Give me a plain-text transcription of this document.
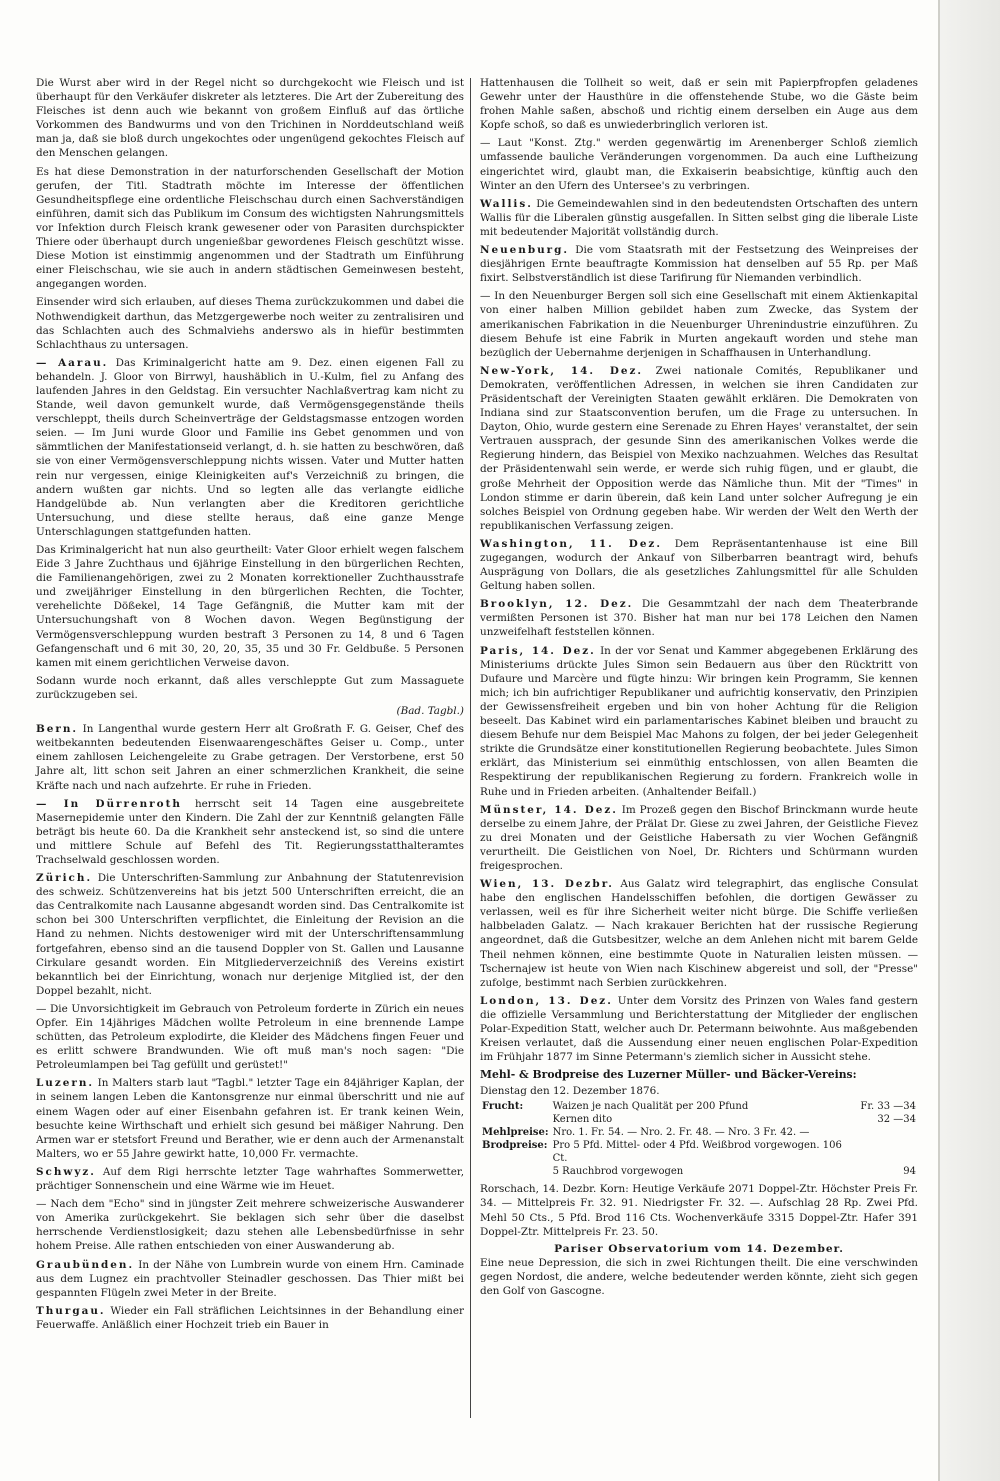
Die Wurst aber wird in der Regel nicht so durchgekocht wie Fleisch und ist überhaupt für den Verkäufer diskreter als letzteres. Die Art der Zubereitung des Fleisches ist denn auch wie bekannt von großem Einfluß auf das örtliche Vorkommen des Bandwurms und von den Trichinen in Norddeutschland weiß man ja, daß sie bloß durch ungekochtes oder ungenügend gekochtes Fleisch auf den Menschen gelangen.

Es hat diese Demonstration in der naturforschenden Gesellschaft der Motion gerufen, der Titl. Stadtrath möchte im Interesse der öffentlichen Gesundheitspflege eine ordentliche Fleischschau durch einen Sachverständigen einführen, damit sich das Publikum im Consum des wichtigsten Nahrungsmittels vor Infektion durch Fleisch krank gewesener oder von Parasiten durchspickter Thiere oder überhaupt durch ungenießbar gewordenes Fleisch geschützt wisse. Diese Motion ist einstimmig angenommen und der Stadtrath um Einführung einer Fleischschau, wie sie auch in andern städtischen Gemeinwesen besteht, angegangen worden.

Einsender wird sich erlauben, auf dieses Thema zurückzukommen und dabei die Nothwendigkeit darthun, das Metzgergewerbe noch weiter zu zentralisiren und das Schlachten auch des Schmalviehs anderswo als in hiefür bestimmten Schlachthaus zu untersagen.

— Aarau. Das Kriminalgericht hatte am 9. Dez. einen eigenen Fall zu behandeln. J. Gloor von Birrwyl, haushäblich in U.-Kulm, fiel zu Anfang des laufenden Jahres in den Geldstag. Ein versuchter Nachlaßvertrag kam nicht zu Stande, weil davon gemunkelt wurde, daß Vermögensgegenstände theils verschleppt, theils durch Scheinverträge der Geldstagsmasse entzogen worden seien. — Im Juni wurde Gloor und Familie ins Gebet genommen und von sämmtlichen der Manifestationseid verlangt, d. h. sie hatten zu beschwören, daß sie von einer Vermögensverschleppung nichts wissen. Vater und Mutter hatten rein nur vergessen, einige Kleinigkeiten auf's Verzeichniß zu bringen, die andern wußten gar nichts. Und so legten alle das verlangte eidliche Handgelübde ab. Nun verlangten aber die Kreditoren gerichtliche Untersuchung, und diese stellte heraus, daß eine ganze Menge Unterschlagungen stattgefunden hatten.

Das Kriminalgericht hat nun also geurtheilt: Vater Gloor erhielt wegen falschem Eide 3 Jahre Zuchthaus und 6jährige Einstellung in den bürgerlichen Rechten, die Familienangehörigen, zwei zu 2 Monaten korrektioneller Zuchthausstrafe und zweijähriger Einstellung in den bürgerlichen Rechten, die Tochter, verehelichte Dößekel, 14 Tage Gefängniß, die Mutter kam mit der Untersuchungshaft von 8 Wochen davon. Wegen Begünstigung der Vermögensverschleppung wurden bestraft 3 Personen zu 14, 8 und 6 Tagen Gefangenschaft und 6 mit 30, 20, 20, 35, 35 und 30 Fr. Geldbuße. 5 Personen kamen mit einem gerichtlichen Verweise davon.

Sodann wurde noch erkannt, daß alles verschleppte Gut zum Massaguete zurückzugeben sei.

(Bad. Tagbl.)

Bern. In Langenthal wurde gestern Herr alt Großrath F. G. Geiser, Chef des weitbekannten bedeutenden Eisenwaarengeschäftes Geiser u. Comp., unter einem zahllosen Leichengeleite zu Grabe getragen. Der Verstorbene, erst 50 Jahre alt, litt schon seit Jahren an einer schmerzlichen Krankheit, die seine Kräfte nach und nach aufzehrte. Er ruhe in Frieden.

— In Dürrenroth herrscht seit 14 Tagen eine ausgebreitete Masernepidemie unter den Kindern. Die Zahl der zur Kenntniß gelangten Fälle beträgt bis heute 60. Da die Krankheit sehr ansteckend ist, so sind die untere und mittlere Schule auf Befehl des Tit. Regierungsstatthalteramtes Trachselwald geschlossen worden.

Zürich. Die Unterschriften-Sammlung zur Anbahnung der Statutenrevision des schweiz. Schützenvereins hat bis jetzt 500 Unterschriften erreicht, die an das Centralkomite nach Lausanne abgesandt worden sind. Das Centralkomite ist schon bei 300 Unterschriften verpflichtet, die Einleitung der Revision an die Hand zu nehmen. Nichts destoweniger wird mit der Unterschriftensammlung fortgefahren, ebenso sind an die tausend Doppler von St. Gallen und Lausanne Cirkulare gesandt worden. Ein Mitgliederverzeichniß des Vereins existirt bekanntlich bei der Einrichtung, wonach nur derjenige Mitglied ist, der den Doppel bezahlt, nicht.

— Die Unvorsichtigkeit im Gebrauch von Petroleum forderte in Zürich ein neues Opfer. Ein 14jähriges Mädchen wollte Petroleum in eine brennende Lampe schütten, das Petroleum explodirte, die Kleider des Mädchens fingen Feuer und es erlitt schwere Brandwunden. Wie oft muß man's noch sagen: "Die Petroleumlampen bei Tag gefüllt und gerüstet!"

Luzern. In Malters starb laut "Tagbl." letzter Tage ein 84jähriger Kaplan, der in seinem langen Leben die Kantonsgrenze nur einmal überschritt und nie auf einem Wagen oder auf einer Eisenbahn gefahren ist. Er trank keinen Wein, besuchte keine Wirthschaft und erhielt sich gesund bei mäßiger Nahrung. Den Armen war er stetsfort Freund und Berather, wie er denn auch der Armenanstalt Malters, wo er 55 Jahre gewirkt hatte, 10,000 Fr. vermachte.

Schwyz. Auf dem Rigi herrschte letzter Tage wahrhaftes Sommerwetter, prächtiger Sonnenschein und eine Wärme wie im Heuet.

— Nach dem "Echo" sind in jüngster Zeit mehrere schweizerische Auswanderer von Amerika zurückgekehrt. Sie beklagen sich sehr über die daselbst herrschende Verdienstlosigkeit; dazu stehen alle Lebensbedürfnisse in sehr hohem Preise. Alle rathen entschieden von einer Auswanderung ab.

Graubünden. In der Nähe von Lumbrein wurde von einem Hrn. Caminade aus dem Lugnez ein prachtvoller Steinadler geschossen. Das Thier mißt bei gespannten Flügeln zwei Meter in der Breite.

Thurgau. Wieder ein Fall sträflichen Leichtsinnes in der Behandlung einer Feuerwaffe. Anläßlich einer Hochzeit trieb ein Bauer in

Hattenhausen die Tollheit so weit, daß er sein mit Papierpfropfen geladenes Gewehr unter der Hausthüre in die offenstehende Stube, wo die Gäste beim frohen Mahle saßen, abschoß und richtig einem derselben ein Auge aus dem Kopfe schoß, so daß es unwiederbringlich verloren ist.

— Laut "Konst. Ztg." werden gegenwärtig im Arenenberger Schloß ziemlich umfassende bauliche Veränderungen vorgenommen. Da auch eine Luftheizung eingerichtet wird, glaubt man, die Exkaiserin beabsichtige, künftig auch den Winter an den Ufern des Untersee's zu verbringen.

Wallis. Die Gemeindewahlen sind in den bedeutendsten Ortschaften des untern Wallis für die Liberalen günstig ausgefallen. In Sitten selbst ging die liberale Liste mit bedeutender Majorität vollständig durch.

Neuenburg. Die vom Staatsrath mit der Festsetzung des Weinpreises der diesjährigen Ernte beauftragte Kommission hat denselben auf 55 Rp. per Maß fixirt. Selbstverständlich ist diese Tarifirung für Niemanden verbindlich.

— In den Neuenburger Bergen soll sich eine Gesellschaft mit einem Aktienkapital von einer halben Million gebildet haben zum Zwecke, das System der amerikanischen Fabrikation in die Neuenburger Uhrenindustrie einzuführen. Zu diesem Behufe ist eine Fabrik in Murten angekauft worden und stehe man bezüglich der Uebernahme derjenigen in Schaffhausen in Unterhandlung.

New-York, 14. Dez. Zwei nationale Comités, Republikaner und Demokraten, veröffentlichen Adressen, in welchen sie ihren Candidaten zur Präsidentschaft der Vereinigten Staaten gewählt erklären. Die Demokraten von Indiana sind zur Staatsconvention berufen, um die Frage zu untersuchen. In Dayton, Ohio, wurde gestern eine Serenade zu Ehren Hayes' veranstaltet, der sein Vertrauen aussprach, der gesunde Sinn des amerikanischen Volkes werde die Regierung hindern, das Beispiel von Mexiko nachzuahmen. Welches das Resultat der Präsidentenwahl sein werde, er werde sich ruhig fügen, und er glaubt, die große Mehrheit der Opposition werde das Nämliche thun. Mit der "Times" in London stimme er darin überein, daß kein Land unter solcher Aufregung je ein solches Beispiel von Ordnung gegeben habe. Wir werden der Welt den Werth der republikanischen Verfassung zeigen.

Washington, 11. Dez. Dem Repräsentantenhause ist eine Bill zugegangen, wodurch der Ankauf von Silberbarren beantragt wird, behufs Ausprägung von Dollars, die als gesetzliches Zahlungsmittel für alle Schulden Geltung haben sollen.

Brooklyn, 12. Dez. Die Gesammtzahl der nach dem Theaterbrande vermißten Personen ist 370. Bisher hat man nur bei 178 Leichen den Namen unzweifelhaft feststellen können.

Paris, 14. Dez. In der vor Senat und Kammer abgegebenen Erklärung des Ministeriums drückte Jules Simon sein Bedauern aus über den Rücktritt von Dufaure und Marcère und fügte hinzu: Wir bringen kein Programm, Sie kennen mich; ich bin aufrichtiger Republikaner und aufrichtig konservativ, den Prinzipien der Gewissensfreiheit ergeben und bin von hoher Achtung für die Religion beseelt. Das Kabinet wird ein parlamentarisches Kabinet bleiben und braucht zu diesem Behufe nur dem Beispiel Mac Mahons zu folgen, der bei jeder Gelegenheit strikte die Grundsätze einer konstitutionellen Regierung beobachtete. Jules Simon erklärt, das Ministerium sei einmüthig entschlossen, von allen Beamten die Respektirung der republikanischen Regierung zu fordern. Frankreich wolle in Ruhe und in Frieden arbeiten. (Anhaltender Beifall.)

Münster, 14. Dez. Im Prozeß gegen den Bischof Brinckmann wurde heute derselbe zu einem Jahre, der Prälat Dr. Giese zu zwei Jahren, der Geistliche Fievez zu drei Monaten und der Geistliche Habersath zu vier Wochen Gefängniß verurtheilt. Die Geistlichen von Noel, Dr. Richters und Schürmann wurden freigesprochen.

Wien, 13. Dezbr. Aus Galatz wird telegraphirt, das englische Consulat habe den englischen Handelsschiffen befohlen, die dortigen Gewässer zu verlassen, weil es für ihre Sicherheit weiter nicht bürge. Die Schiffe verließen halbbeladen Galatz. — Nach krakauer Berichten hat der russische Regierung angeordnet, daß die Gutsbesitzer, welche an dem Anlehen nicht mit barem Gelde Theil nehmen können, eine bestimmte Quote in Naturalien leisten müssen. — Tschernajew ist heute von Wien nach Kischinew abgereist und soll, der "Presse" zufolge, bestimmt nach Serbien zurückkehren.

London, 13. Dez. Unter dem Vorsitz des Prinzen von Wales fand gestern die offizielle Versammlung und Berichterstattung der Mitglieder der englischen Polar-Expedition Statt, welcher auch Dr. Petermann beiwohnte. Aus maßgebenden Kreisen verlautet, daß die Aussendung einer neuen englischen Polar-Expedition im Frühjahr 1877 im Sinne Petermann's ziemlich sicher in Aussicht stehe.

Mehl- & Brodpreise des Luzerner Müller- und Bäcker-Vereins:

Dienstag den 12. Dezember 1876.

Frucht:	Waizen je nach Qualität per 200 Pfund	Fr. 33 —34
	Kernen dito	32 —34
Mehlpreise:	Nro. 1. Fr. 54. — Nro. 2. Fr. 48. — Nro. 3 Fr. 42. —	
Brodpreise:	Pro 5 Pfd. Mittel- oder 4 Pfd. Weißbrod vorgewogen. 106 Ct.	
	5 Rauchbrod vorgewogen	94

Rorschach, 14. Dezbr. Korn: Heutige Verkäufe 2071 Doppel-Ztr. Höchster Preis Fr. 34. — Mittelpreis Fr. 32. 91. Niedrigster Fr. 32. —. Aufschlag 28 Rp. Zwei Pfd. Mehl 50 Cts., 5 Pfd. Brod 116 Cts. Wochenverkäufe 3315 Doppel-Ztr. Hafer 391 Doppel-Ztr. Mittelpreis Fr. 23. 50.

Pariser Observatorium vom 14. Dezember.

Eine neue Depression, die sich in zwei Richtungen theilt. Die eine verschwinden gegen Nordost, die andere, welche bedeutender werden könnte, zieht sich gegen den Golf von Gascogne.
